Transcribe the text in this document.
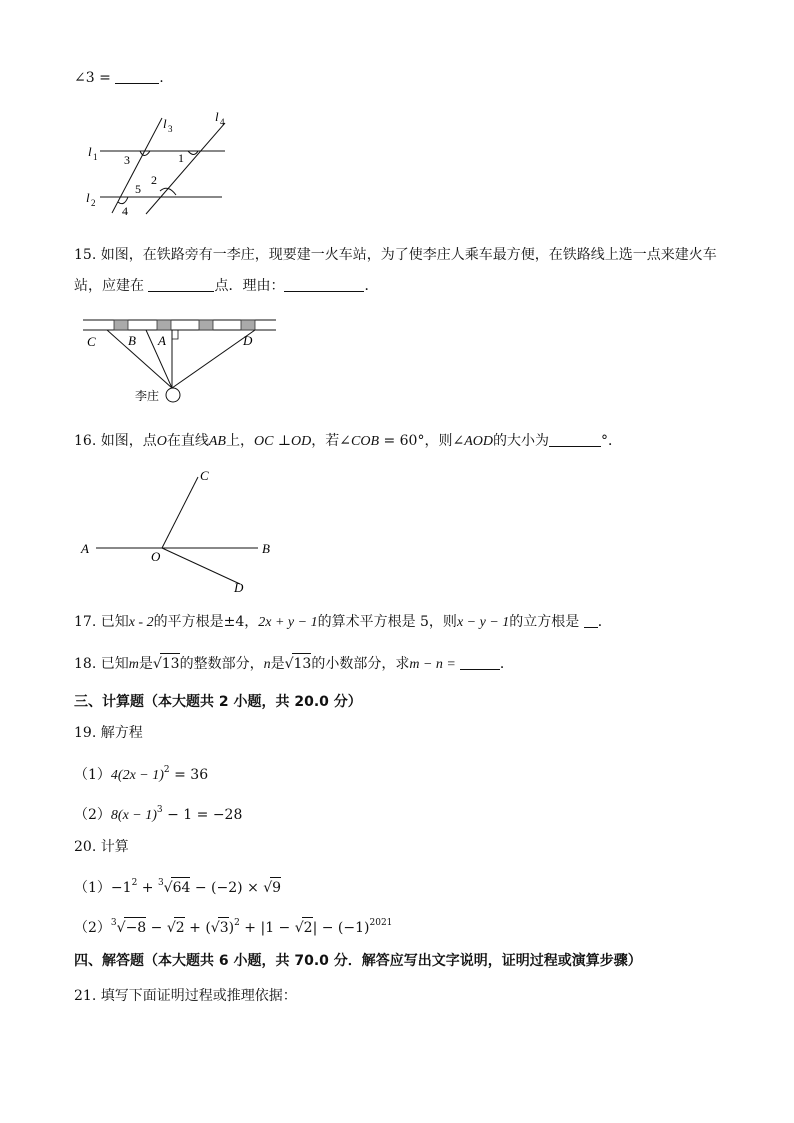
∠3 =	.
l 1
l 2
l 3
l 4
3	1
2
5
4
15. 如图，在铁路旁有一李庄，现要建一火车站，为了使李庄人乘车最方便，在铁路线上选一点来建火车
站，应建在	点．理由：	．
C B A	D
李庄
16. 如图，点O在直线AB上，OC ⊥OD，若∠COB = 60°，则∠AOD的大小为	°．
A	B
C
D
O
17. 已知x - 2的平方根是±4，2x + y − 1的算术平方根是 5，则x − y − 1的立方根是 ．
18. 已知m是√13的整数部分，n是√13的小数部分，求m − n =	．
三、计算题（本大题共 2 小题，共 20.0 分）
19. 解方程
$(1)4(2x - 1)^2 = 36$
$(2)8(x - 1)^3 - 1 = -28$
20. 计算
$(1)-1^2 + ^3√64 - (-2) \times √9$
$(2)^3√-8 - √2 + (√3)^2 + |1 - √2| - (-1)^{2021}$
四、解答题（本大题共 6 小题，共 70.0 分．解答应写出文字说明，证明过程或演算步骤）
21. 填写下面证明过程或推理依据：
